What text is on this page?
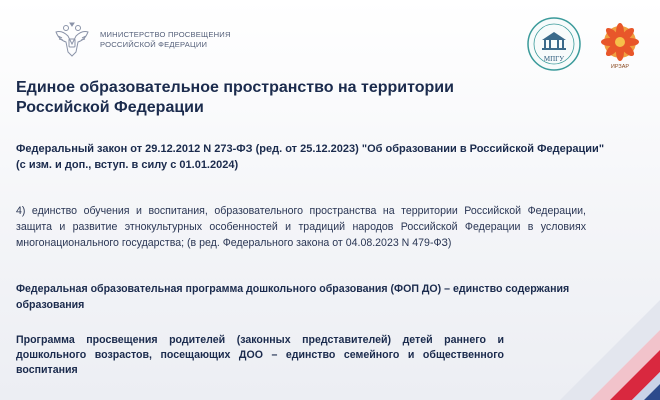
МИНИСТЕРСТВО ПРОСВЕЩЕНИЯ
РОССИЙСКОЙ ФЕДЕРАЦИИ
МПГУ
ИРЗАР
Единое образовательное пространство на территории Российской Федерации

Федеральный закон от 29.12.2012 N 273-ФЗ (ред. от 25.12.2023) "Об образовании в Российской Федерации" (с изм. и доп., вступ. в силу с 01.01.2024)

4) единство обучения и воспитания, образовательного пространства на территории Российской Федерации, защита и развитие этнокультурных особенностей и традиций народов Российской Федерации в условиях многонационального государства; (в ред. Федерального закона от 04.08.2023 N 479-ФЗ)

Федеральная образовательная программа дошкольного образования (ФОП ДО) – единство содержания образования

Программа просвещения родителей (законных представителей) детей раннего и дошкольного возрастов, посещающих ДОО – единство семейного и общественного воспитания
